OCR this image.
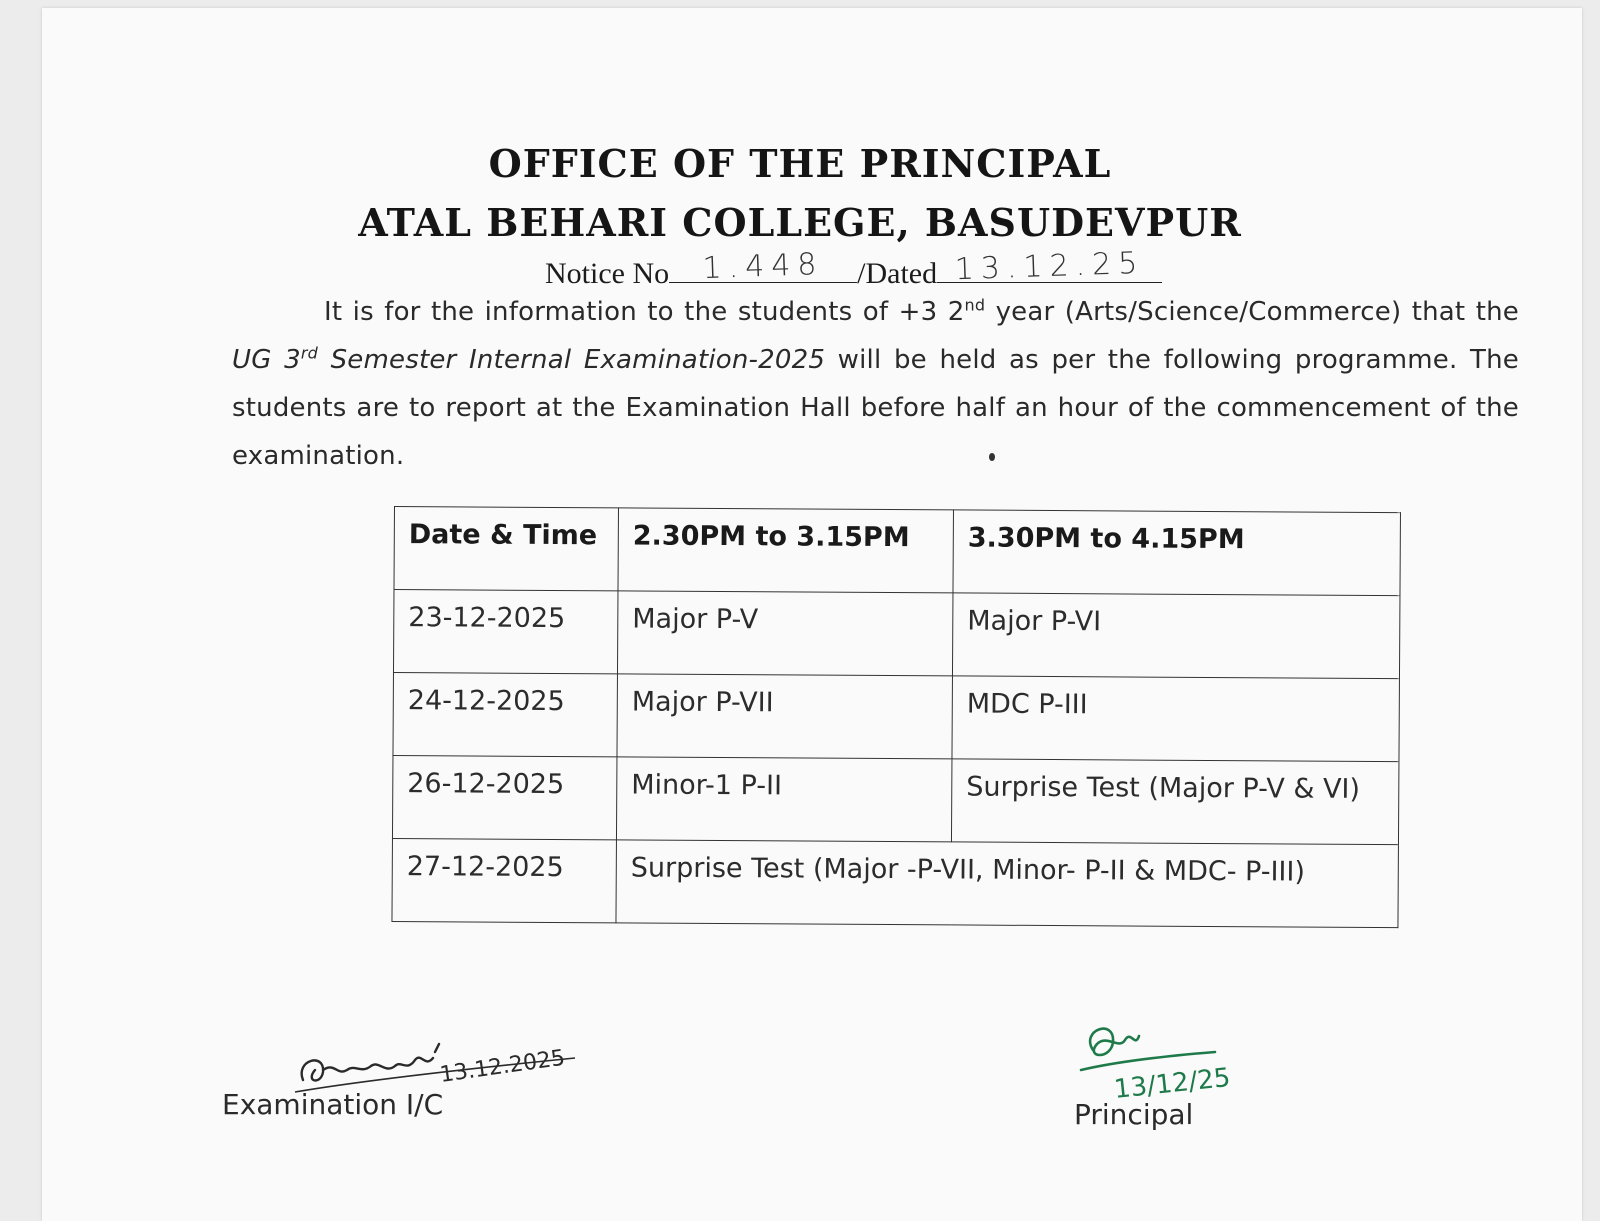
OFFICE OF THE PRINCIPAL
ATAL BEHARI COLLEGE, BASUDEVPUR
Notice No	1.448	/Dated 13.12.25
It is for the information to the students of +3 2nd year (Arts/Science/Commerce) that the UG 3rd Semester Internal Examination-2025 will be held as per the following programme. The students are to report at the Examination Hall before half an hour of the commencement of the examination.
Date & Time	2.30PM to 3.15PM	3.30PM to 4.15PM
23-12-2025	Major P-V	Major P-VI
24-12-2025	Major P-VII	MDC P-III
26-12-2025	Minor-1 P-II	Surprise Test (Major P-V & VI)
27-12-2025	Surprise Test (Major -P-VII, Minor- P-II & MDC- P-III)	
13.12.2025
Examination I/C	13/12/25
Principal
